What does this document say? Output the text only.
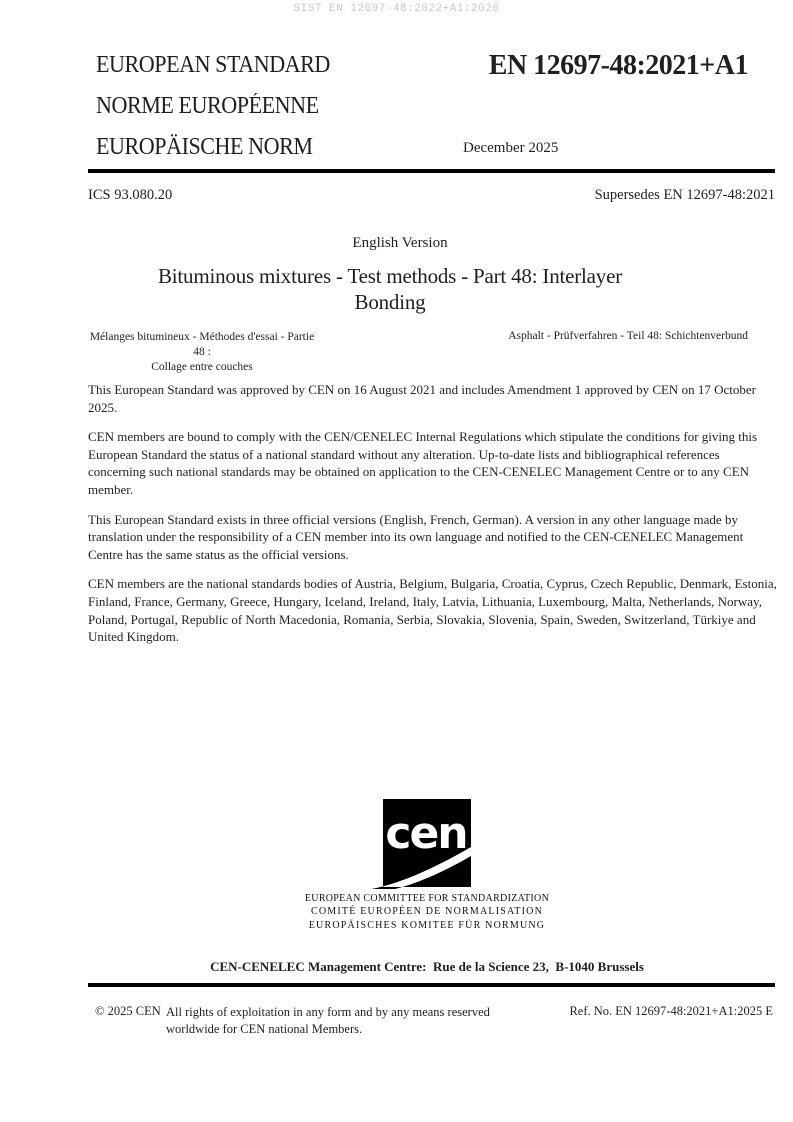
SIST EN 12697-48:2022+A1:2026
EUROPEAN STANDARD
NORME EUROPÉENNE
EUROPÄISCHE NORM
EN 12697-48:2021+A1
December 2025
ICS 93.080.20	Supersedes EN 12697-48:2021
English Version
Bituminous mixtures - Test methods - Part 48: Interlayer
Bonding
Mélanges bitumineux - Méthodes d'essai - Partie 48 :
Collage entre couches
Asphalt - Prüfverfahren - Teil 48: Schichtenverbund

This European Standard was approved by CEN on 16 August 2021 and includes Amendment 1 approved by CEN on 17 October 2025.

CEN members are bound to comply with the CEN/CENELEC Internal Regulations which stipulate the conditions for giving this European Standard the status of a national standard without any alteration. Up-to-date lists and bibliographical references concerning such national standards may be obtained on application to the CEN-CENELEC Management Centre or to any CEN member.

This European Standard exists in three official versions (English, French, German). A version in any other language made by translation under the responsibility of a CEN member into its own language and notified to the CEN-CENELEC Management Centre has the same status as the official versions.

CEN members are the national standards bodies of Austria, Belgium, Bulgaria, Croatia, Cyprus, Czech Republic, Denmark, Estonia, Finland, France, Germany, Greece, Hungary, Iceland, Ireland, Italy, Latvia, Lithuania, Luxembourg, Malta, Netherlands, Norway, Poland, Portugal, Republic of North Macedonia, Romania, Serbia, Slovakia, Slovenia, Spain, Sweden, Switzerland, Türkiye and United Kingdom.

cen
EUROPEAN COMMITTEE FOR STANDARDIZATION
COMITÉ EUROPÉEN DE NORMALISATION
EUROPÄISCHES KOMITEE FÜR NORMUNG
CEN-CENELEC Management Centre:  Rue de la Science 23,  B-1040 Brussels
© 2025 CEN All rights of exploitation in any form and by any means reserved
worldwide for CEN national Members.
Ref. No. EN 12697-48:2021+A1:2025 E
